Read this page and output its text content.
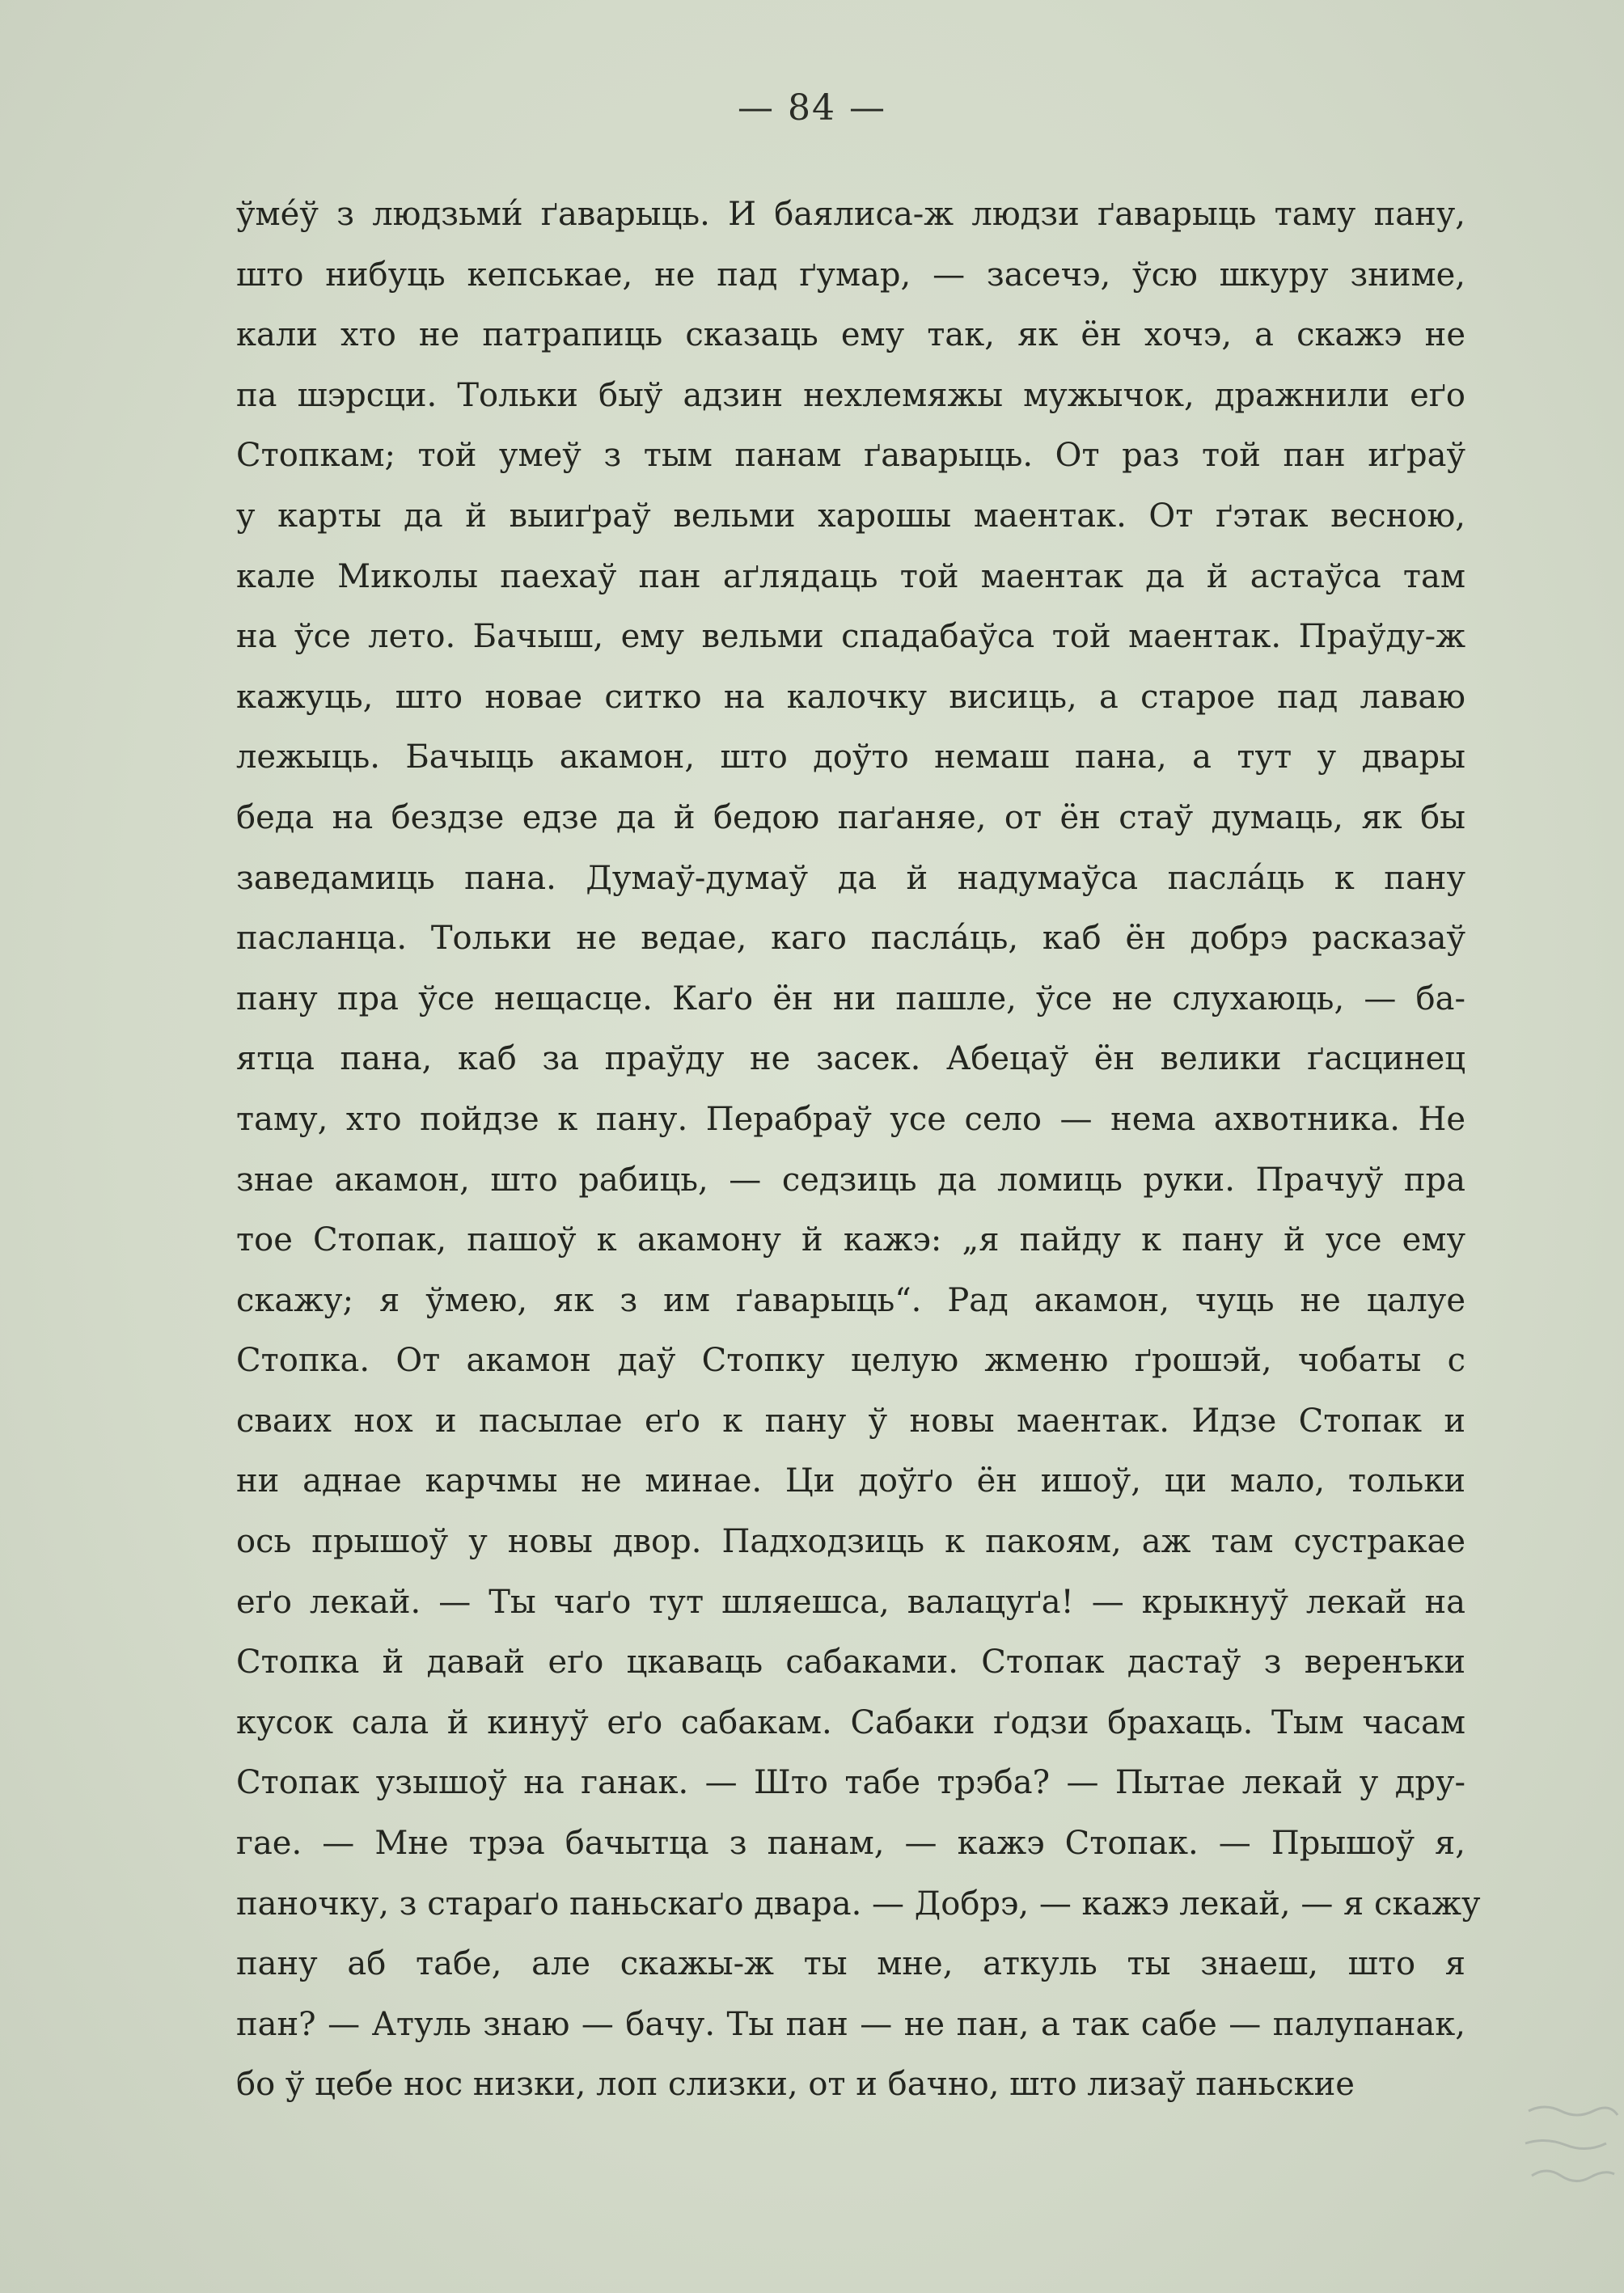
— 84 —
ўме́ў з людзьми́ ґаварыць. И баялиса-ж людзи ґаварыць таму пану,
што нибуць кепськае, не пад ґумар, — засечэ, ўсю шкуру зниме,
кали хто не патрапиць сказаць ему так, як ён хочэ, а скажэ не
па шэрсци. Тольки быў адзин нехлемяжы мужычок, дражнили еґо
Стопкам; той умеў з тым панам ґаварыць. От раз той пан иґраў
у карты да й выиґраў вельми харошы маентак. От ґэтак весною,
кале Миколы паехаў пан аґлядаць той маентак да й астаўса там
на ўсе лето. Бачыш, ему вельми спадабаўса той маентак. Праўду-ж
кажуць, што новае ситко на калочку висиць, а старое пад лаваю
лежыць. Бачыць акамон, што доўто немаш пана, а тут у двары
беда на бездзе едзе да й бедою паґаняе, от ён стаў думаць, як бы
заведамиць пана. Думаў-думаў да й надумаўса пасла́ць к пану
пасланца. Тольки не ведае, каго пасла́ць, каб ён добрэ расказаў
пану пра ўсе нещасце. Каґо ён ни пашле, ўсе не слухаюць, — ба-
ятца пана, каб за праўду не засек. Абецаў ён велики ґасцинец
таму, хто пойдзе к пану. Перабраў усе село — нема ахвотника. Не
знае акамон, што рабиць, — седзиць да ломиць руки. Прачуў пра
тое Стопак, пашоў к акамону й кажэ: „я пайду к пану й усе ему
скажу; я ўмею, як з им ґаварыць“. Рад акамон, чуць не цалуе
Стопка. От акамон даў Стопку целую жменю ґрошэй, чобаты с
сваих нох и пасылае еґо к пану ў новы маентак. Идзе Стопак и
ни аднае карчмы не минае. Ци доўґо ён ишоў, ци мало, тольки
ось прышоў у новы двор. Падходзиць к пакоям, аж там сустракае
еґо лекай. — Ты чаґо тут шляешса, валацуґа! — крыкнуў лекай на
Стопка й давай еґо цкаваць сабаками. Стопак дастаў з веренъки
кусок сала й кинуў еґо сабакам. Сабаки ґодзи брахаць. Тым часам
Стопак узышоў на ганак. — Што табе трэба? — Пытае лекай у дру-
гае. — Мне трэа бачытца з панам, — кажэ Стопак. — Прышоў я,
паночку, з стараґо паньскаґо двара. — Добрэ, — кажэ лекай, — я скажу
пану аб табе, але скажы-ж ты мне, аткуль ты знаеш, што я
пан? — Атуль знаю — бачу. Ты пан — не пан, а так сабе — палупанак,
бо ў цебе нос низки, лоп слизки, от и бачно, што лизаў паньские
